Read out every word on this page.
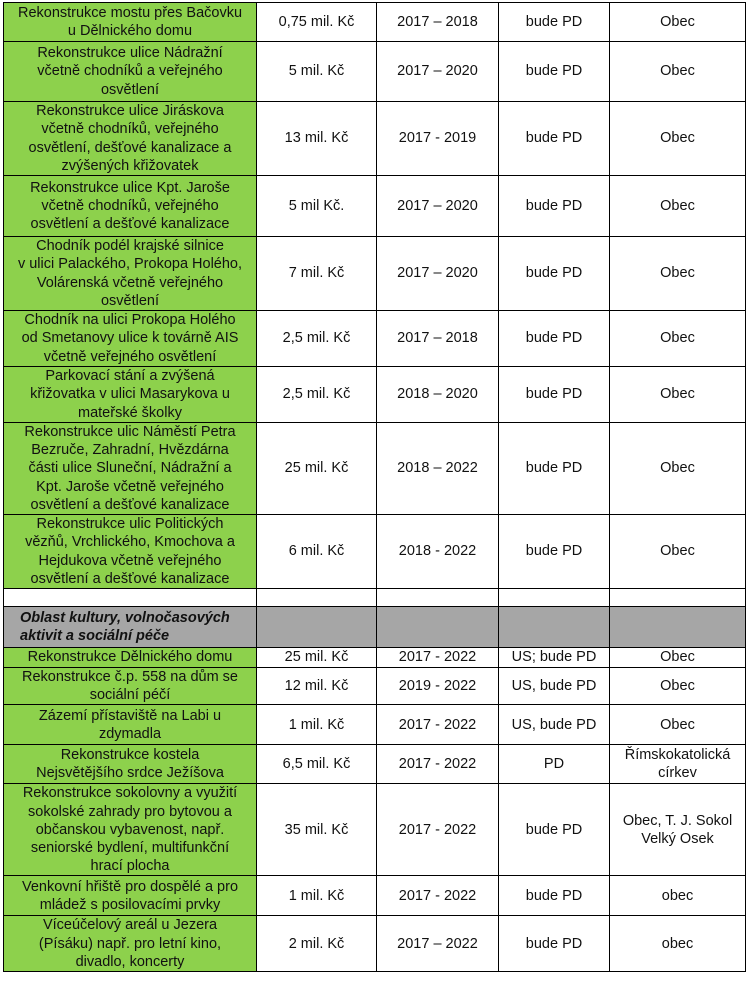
Rekonstrukce mostu přes Bačovku
u Dělnického domu	0,75 mil. Kč	2017 – 2018	bude PD	Obec
Rekonstrukce ulice Nádražní
včetně chodníků a veřejného
osvětlení	5 mil. Kč	2017 – 2020	bude PD	Obec
Rekonstrukce ulice Jiráskova
včetně chodníků, veřejného
osvětlení, dešťové kanalizace a
zvýšených křižovatek	13 mil. Kč	2017 - 2019	bude PD	Obec
Rekonstrukce ulice Kpt. Jaroše
včetně chodníků, veřejného
osvětlení a dešťové kanalizace	5 mil Kč.	2017 – 2020	bude PD	Obec
Chodník podél krajské silnice
v ulici Palackého, Prokopa Holého,
Volárenská včetně veřejného
osvětlení	7 mil. Kč	2017 – 2020	bude PD	Obec
Chodník na ulici Prokopa Holého
od Smetanovy ulice k továrně AIS
včetně veřejného osvětlení	2,5 mil. Kč	2017 – 2018	bude PD	Obec
Parkovací stání a zvýšená
křižovatka v ulici Masarykova u
mateřské školky	2,5 mil. Kč	2018 – 2020	bude PD	Obec
Rekonstrukce ulic Náměstí Petra
Bezruče, Zahradní, Hvězdárna
části ulice Sluneční, Nádražní a
Kpt. Jaroše včetně veřejného
osvětlení a dešťové kanalizace	25 mil. Kč	2018 – 2022	bude PD	Obec
Rekonstrukce ulic Politických
vězňů, Vrchlického, Kmochova a
Hejdukova včetně veřejného
osvětlení a dešťové kanalizace	6 mil. Kč	2018 - 2022	bude PD	Obec

Oblast kultury, volnočasových
aktivit a sociální péče				
Rekonstrukce Dělnického domu	25 mil. Kč	2017 - 2022	US; bude PD	Obec
Rekonstrukce č.p. 558 na dům se
sociální péčí	12 mil. Kč	2019 - 2022	US, bude PD	Obec
Zázemí přístaviště na Labi u
zdymadla	1 mil. Kč	2017 - 2022	US, bude PD	Obec
Rekonstrukce kostela
Nejsvětějšího srdce Ježíšova	6,5 mil. Kč	2017 - 2022	PD	Římskokatolická
církev
Rekonstrukce sokolovny a využití
sokolské zahrady pro bytovou a
občanskou vybavenost, např.
seniorské bydlení, multifunkční
hrací plocha	35 mil. Kč	2017 - 2022	bude PD	Obec, T. J. Sokol
Velký Osek
Venkovní hřiště pro dospělé a pro
mládež s posilovacími prvky	1 mil. Kč	2017 - 2022	bude PD	obec
Víceúčelový areál u Jezera
(Písáku) např. pro letní kino,
divadlo, koncerty	2 mil. Kč	2017 – 2022	bude PD	obec
